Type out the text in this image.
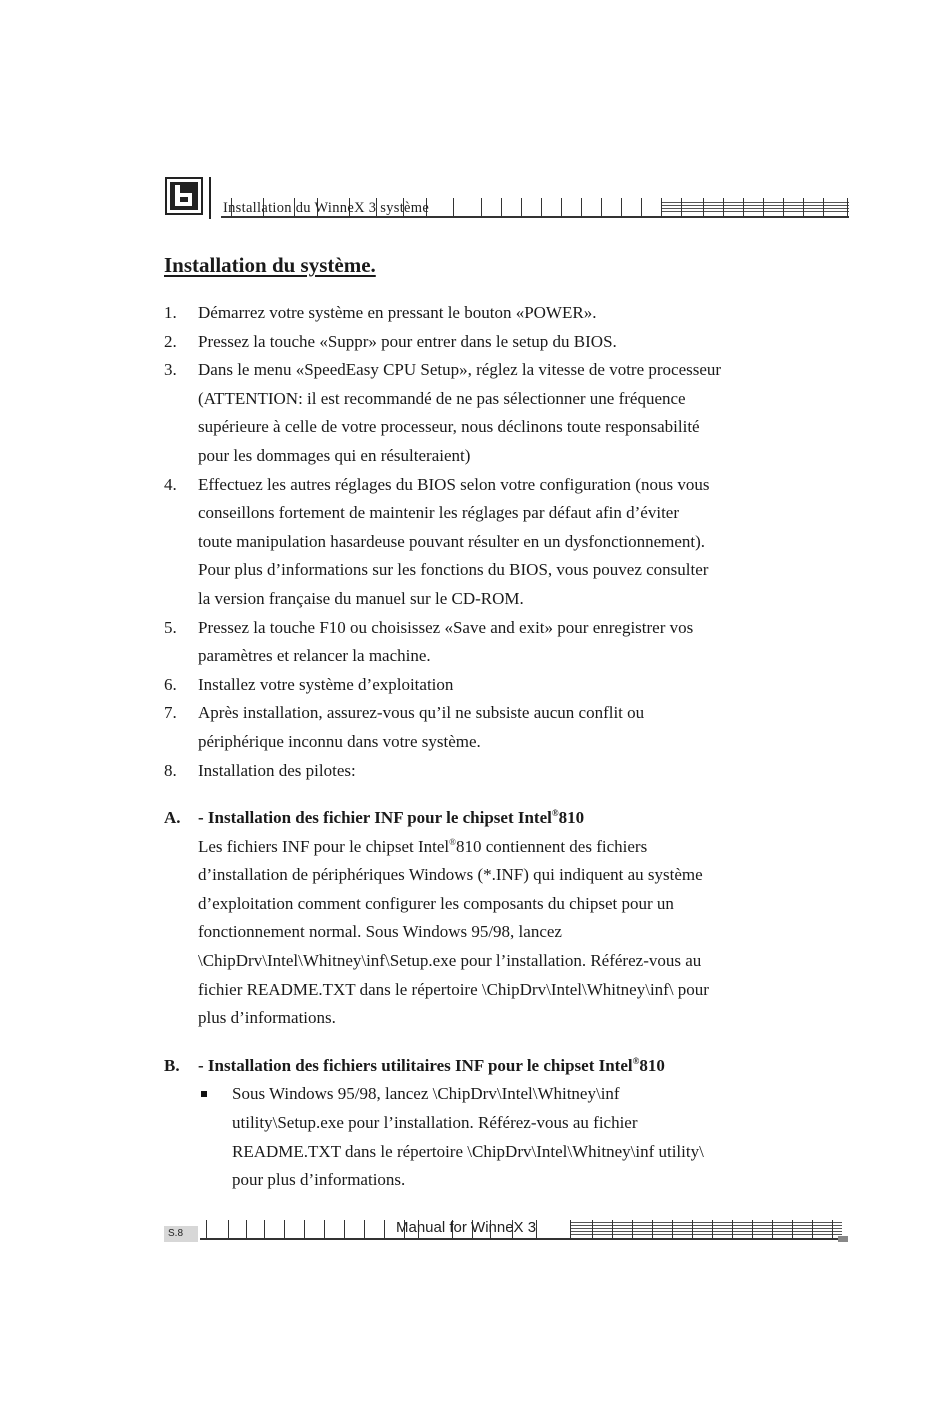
Installation du WinneX 3 système
Installation du système.
1. Démarrez votre système en pressant le bouton «POWER».
2. Pressez la touche «Suppr» pour entrer dans le setup du BIOS.
3. Dans le menu «SpeedEasy CPU Setup», réglez la vitesse de votre processeur
(ATTENTION: il est recommandé de ne pas sélectionner une fréquence
supérieure à celle de votre processeur, nous déclinons toute responsabilité
pour les dommages qui en résulteraient)
4. Effectuez les autres réglages du BIOS selon votre configuration (nous vous
conseillons fortement de maintenir les réglages par défaut afin d’éviter
toute manipulation hasardeuse pouvant résulter en un dysfonctionnement).
Pour plus d’informations sur les fonctions du BIOS, vous pouvez consulter
la version française du manuel sur le CD-ROM.
5. Pressez la touche F10 ou choisissez «Save and exit» pour enregistrer vos
paramètres et relancer la machine.
6. Installez votre système d’exploitation
7. Après installation, assurez-vous qu’il ne subsiste aucun conflit ou
périphérique inconnu dans votre système.
8. Installation des pilotes:
A. - Installation des fichier INF pour le chipset Intel®810
Les fichiers INF pour le chipset Intel®810 contiennent des fichiers
d’installation de périphériques Windows (*.INF) qui indiquent au système
d’exploitation comment configurer les composants du chipset pour un
fonctionnement normal. Sous Windows 95/98, lancez
\ChipDrv\Intel\Whitney\inf\Setup.exe pour l’installation. Référez-vous au
fichier README.TXT dans le répertoire \ChipDrv\Intel\Whitney\inf\ pour
plus d’informations.
B. - Installation des fichiers utilitaires INF pour le chipset Intel®810
Sous Windows 95/98, lancez \ChipDrv\Intel\Whitney\inf
utility\Setup.exe pour l’installation. Référez-vous au fichier
README.TXT dans le répertoire \ChipDrv\Intel\Whitney\inf utility\
pour plus d’informations.
S.8	Manual for WinneX 3
